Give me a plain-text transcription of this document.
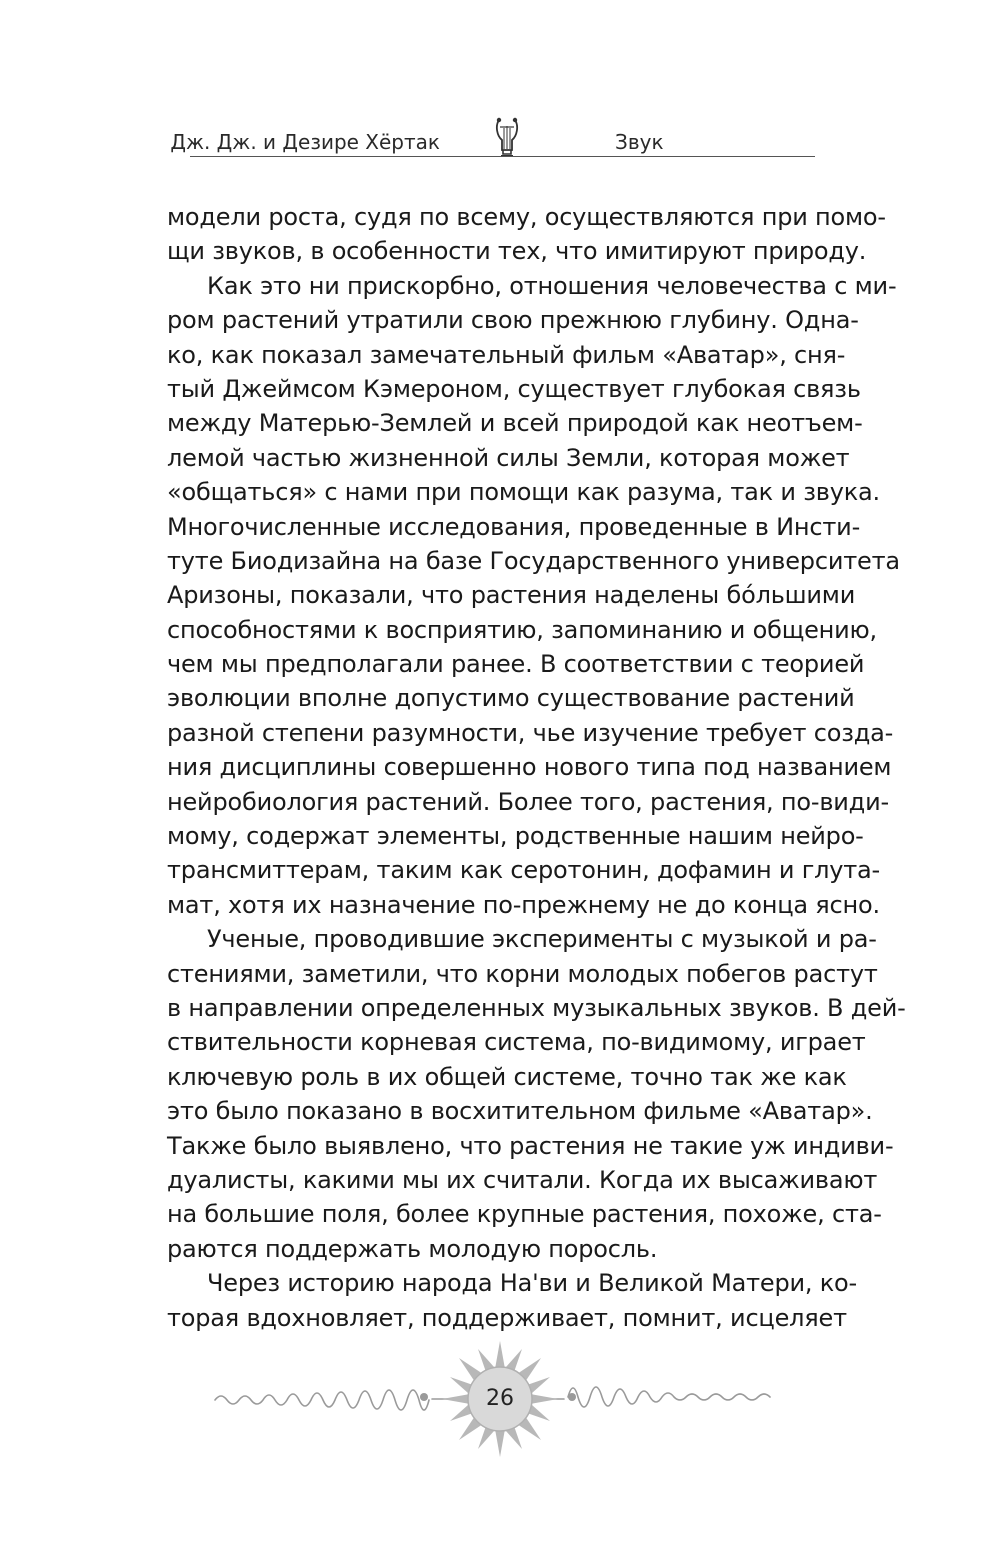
Дж. Дж. и Дезире Хёртак	Звук
модели роста, судя по всему, осуществляются при помо-
щи звуков, в особенности тех, что имитируют природу.
Как это ни прискорбно, отношения человечества с ми-
ром растений утратили свою прежнюю глубину. Одна-
ко, как показал замечательный фильм «Аватар», сня-
тый Джеймсом Кэмероном, существует глубокая связь
между Матерью-Землей и всей природой как неотъем-
лемой частью жизненной силы Земли, которая может
«общаться» с нами при помощи как разума, так и звука.
Многочисленные исследования, проведенные в Инсти-
туте Биодизайна на базе Государственного университета
Аризоны, показали, что растения наделены бóльшими
способностями к восприятию, запоминанию и общению,
чем мы предполагали ранее. В соответствии с теорией
эволюции вполне допустимо существование растений
разной степени разумности, чье изучение требует созда-
ния дисциплины совершенно нового типа под названием
нейробиология растений. Более того, растения, по-види-
мому, содержат элементы, родственные нашим нейро-
трансмиттерам, таким как серотонин, дофамин и глута-
мат, хотя их назначение по-прежнему не до конца ясно.
Ученые, проводившие эксперименты с музыкой и ра-
стениями, заметили, что корни молодых побегов растут
в направлении определенных музыкальных звуков. В дей-
ствительности корневая система, по-видимому, играет
ключевую роль в их общей системе, точно так же как
это было показано в восхитительном фильме «Аватар».
Также было выявлено, что растения не такие уж индиви-
дуалисты, какими мы их считали. Когда их высаживают
на большие поля, более крупные растения, похоже, ста-
раются поддержать молодую поросль.
Через историю народа На'ви и Великой Матери, ко-
торая вдохновляет, поддерживает, помнит, исцеляет
26
